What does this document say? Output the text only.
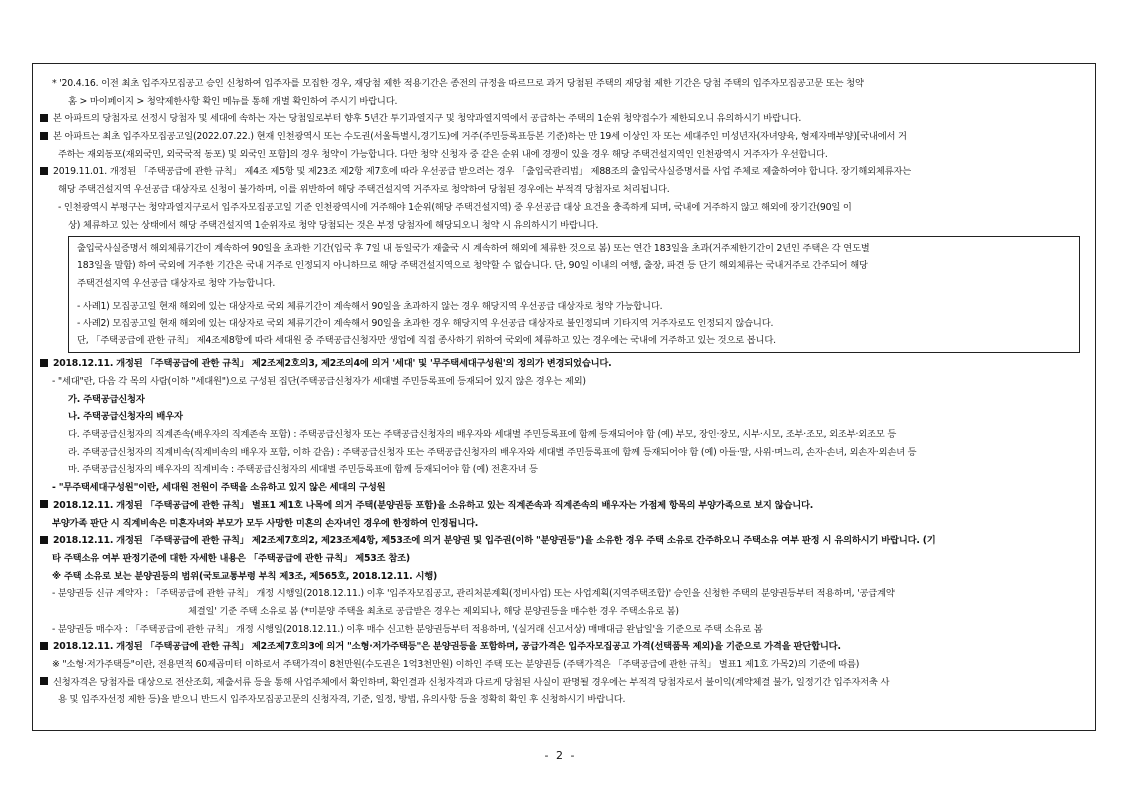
* '20.4.16. 이전 최초 입주자모집공고 승인 신청하여 입주자를 모집한 경우, 재당첨 제한 적용기간은 종전의 규정을 따르므로 과거 당첨된 주택의 재당첨 제한 기간은 당첨 주택의 입주자모집공고문 또는 청약
홈 > 마이페이지 > 청약제한사항 확인 메뉴를 통해 개별 확인하여 주시기 바랍니다.
본 아파트의 당첨자로 선정시 당첨자 및 세대에 속하는 자는 당첨일로부터 향후 5년간 투기과열지구 및 청약과열지역에서 공급하는 주택의 1순위 청약접수가 제한되오니 유의하시기 바랍니다.
본 아파트는 최초 입주자모집공고일(2022.07.22.) 현재 인천광역시 또는 수도권(서울특별시,경기도)에 거주(주민등록표등본 기준)하는 만 19세 이상인 자 또는 세대주인 미성년자(자녀양육, 형제자매부양)[국내에서 거
주하는 재외동포(재외국민, 외국국적 동포) 및 외국인 포함]의 경우 청약이 가능합니다. 다만 청약 신청자 중 같은 순위 내에 경쟁이 있을 경우 해당 주택건설지역인 인천광역시 거주자가 우선합니다.
2019.11.01. 개정된 「주택공급에 관한 규칙」 제4조 제5항 및 제23조 제2항 제7호에 따라 우선공급 받으려는 경우 「출입국관리법」 제88조의 출입국사실증명서를 사업 주체로 제출하여야 합니다. 장기해외체류자는
해당 주택건설지역 우선공급 대상자로 신청이 불가하며, 이를 위반하여 해당 주택건설지역 거주자로 청약하여 당첨된 경우에는 부적격 당첨자로 처리됩니다.
- 인천광역시 부평구는 청약과열지구로서 입주자모집공고일 기준 인천광역시에 거주해야 1순위(해당 주택건설지역) 중 우선공급 대상 요건을 충족하게 되며, 국내에 거주하지 않고 해외에 장기간(90일 이
상) 체류하고 있는 상태에서 해당 주택건설지역 1순위자로 청약 당첨되는 것은 부정 당첨자에 해당되오니 청약 시 유의하시기 바랍니다.
출입국사실증명서 해외체류기간이 계속하여 90일을 초과한 기간(입국 후 7일 내 동일국가 재출국 시 계속하여 해외에 체류한 것으로 봄) 또는 연간 183일을 초과(거주제한기간이 2년인 주택은 각 연도별
183일을 말함) 하여 국외에 거주한 기간은 국내 거주로 인정되지 아니하므로 해당 주택건설지역으로 청약할 수 없습니다. 단, 90일 이내의 여행, 출장, 파견 등 단기 해외체류는 국내거주로 간주되어 해당
주택건설지역 우선공급 대상자로 청약 가능합니다.
- 사례1) 모집공고일 현재 해외에 있는 대상자로 국외 체류기간이 계속해서 90일을 초과하지 않는 경우 해당지역 우선공급 대상자로 청약 가능합니다.
- 사례2) 모집공고일 현재 해외에 있는 대상자로 국외 체류기간이 계속해서 90일을 초과한 경우 해당지역 우선공급 대상자로 불인정되며 기타지역 거주자로도 인정되지 않습니다.
단, 「주택공급에 관한 규칙」 제4조제8항에 따라 세대원 중 주택공급신청자만 생업에 직접 종사하기 위하여 국외에 체류하고 있는 경우에는 국내에 거주하고 있는 것으로 봅니다.
2018.12.11. 개정된 「주택공급에 관한 규칙」 제2조제2호의3, 제2조의4에 의거 '세대' 및 '무주택세대구성원'의 정의가 변경되었습니다.
- "세대"란, 다음 각 목의 사람(이하 "세대원")으로 구성된 집단(주택공급신청자가 세대별 주민등록표에 등재되어 있지 않은 경우는 제외)
가. 주택공급신청자
나. 주택공급신청자의 배우자
다. 주택공급신청자의 직계존속(배우자의 직계존속 포함) : 주택공급신청자 또는 주택공급신청자의 배우자와 세대별 주민등록표에 함께 등재되어야 함 (예) 부모, 장인·장모, 시부·시모, 조부·조모, 외조부·외조모 등
라. 주택공급신청자의 직계비속(직계비속의 배우자 포함, 이하 같음) : 주택공급신청자 또는 주택공급신청자의 배우자와 세대별 주민등록표에 함께 등재되어야 함 (예) 아들·딸, 사위·며느리, 손자·손녀, 외손자·외손녀 등
마. 주택공급신청자의 배우자의 직계비속 : 주택공급신청자의 세대별 주민등록표에 함께 등재되어야 함 (예) 전혼자녀 등
- "무주택세대구성원"이란, 세대원 전원이 주택을 소유하고 있지 않은 세대의 구성원
2018.12.11. 개정된 「주택공급에 관한 규칙」 별표1 제1호 나목에 의거 주택(분양권등 포함)을 소유하고 있는 직계존속과 직계존속의 배우자는 가점제 항목의 부양가족으로 보지 않습니다.
부양가족 판단 시 직계비속은 미혼자녀와 부모가 모두 사망한 미혼의 손자녀인 경우에 한정하여 인정됩니다.
2018.12.11. 개정된 「주택공급에 관한 규칙」 제2조제7호의2, 제23조제4항, 제53조에 의거 분양권 및 입주권(이하 "분양권등")을 소유한 경우 주택 소유로 간주하오니 주택소유 여부 판정 시 유의하시기 바랍니다. (기
타 주택소유 여부 판정기준에 대한 자세한 내용은 「주택공급에 관한 규칙」 제53조 참조)
※ 주택 소유로 보는 분양권등의 범위(국토교통부령 부칙 제3조, 제565호, 2018.12.11. 시행)
- 분양권등 신규 계약자 : 「주택공급에 관한 규칙」 개정 시행일(2018.12.11.) 이후 '입주자모집공고, 관리처분계획(정비사업) 또는 사업계획(지역주택조합)' 승인을 신청한 주택의 분양권등부터 적용하며, '공급계약
체결일' 기준 주택 소유로 봄 (*미분양 주택을 최초로 공급받은 경우는 제외되나, 해당 분양권등을 매수한 경우 주택소유로 봄)
- 분양권등 매수자 : 「주택공급에 관한 규칙」 개정 시행일(2018.12.11.) 이후 매수 신고한 분양권등부터 적용하며, '(실거래 신고서상) 매매대금 완납일'을 기준으로 주택 소유로 봄
2018.12.11. 개정된 「주택공급에 관한 규칙」 제2조제7호의3에 의거 "소형·저가주택등"은 분양권등을 포함하며, 공급가격은 입주자모집공고 가격(선택품목 제외)을 기준으로 가격을 판단합니다.
※ "소형·저가주택등"이란, 전용면적 60제곱미터 이하로서 주택가격이 8천만원(수도권은 1억3천만원) 이하인 주택 또는 분양권등 (주택가격은 「주택공급에 관한 규칙」 별표1 제1호 가목2)의 기준에 따름)
신청자격은 당첨자를 대상으로 전산조회, 제출서류 등을 통해 사업주체에서 확인하며, 확인결과 신청자격과 다르게 당첨된 사실이 판명될 경우에는 부적격 당첨자로서 불이익(계약체결 불가, 일정기간 입주자저축 사
용 및 입주자선정 제한 등)을 받으니 반드시 입주자모집공고문의 신청자격, 기준, 일정, 방법, 유의사항 등을 정확히 확인 후 신청하시기 바랍니다.
- 2 -
